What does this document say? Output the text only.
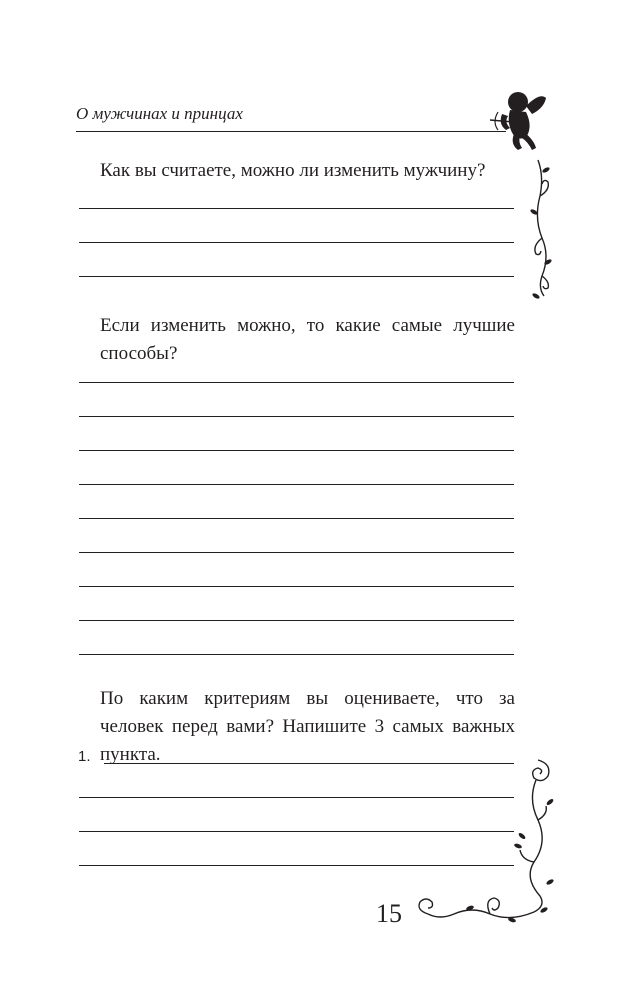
О мужчинах и принцах
Как вы считаете, можно ли изменить мужчину?
Если изменить можно, то какие самые лучшие способы?
По каким критериям вы оцениваете, что за человек перед вами? Напишите 3 самых важных пункта.
1.
15
